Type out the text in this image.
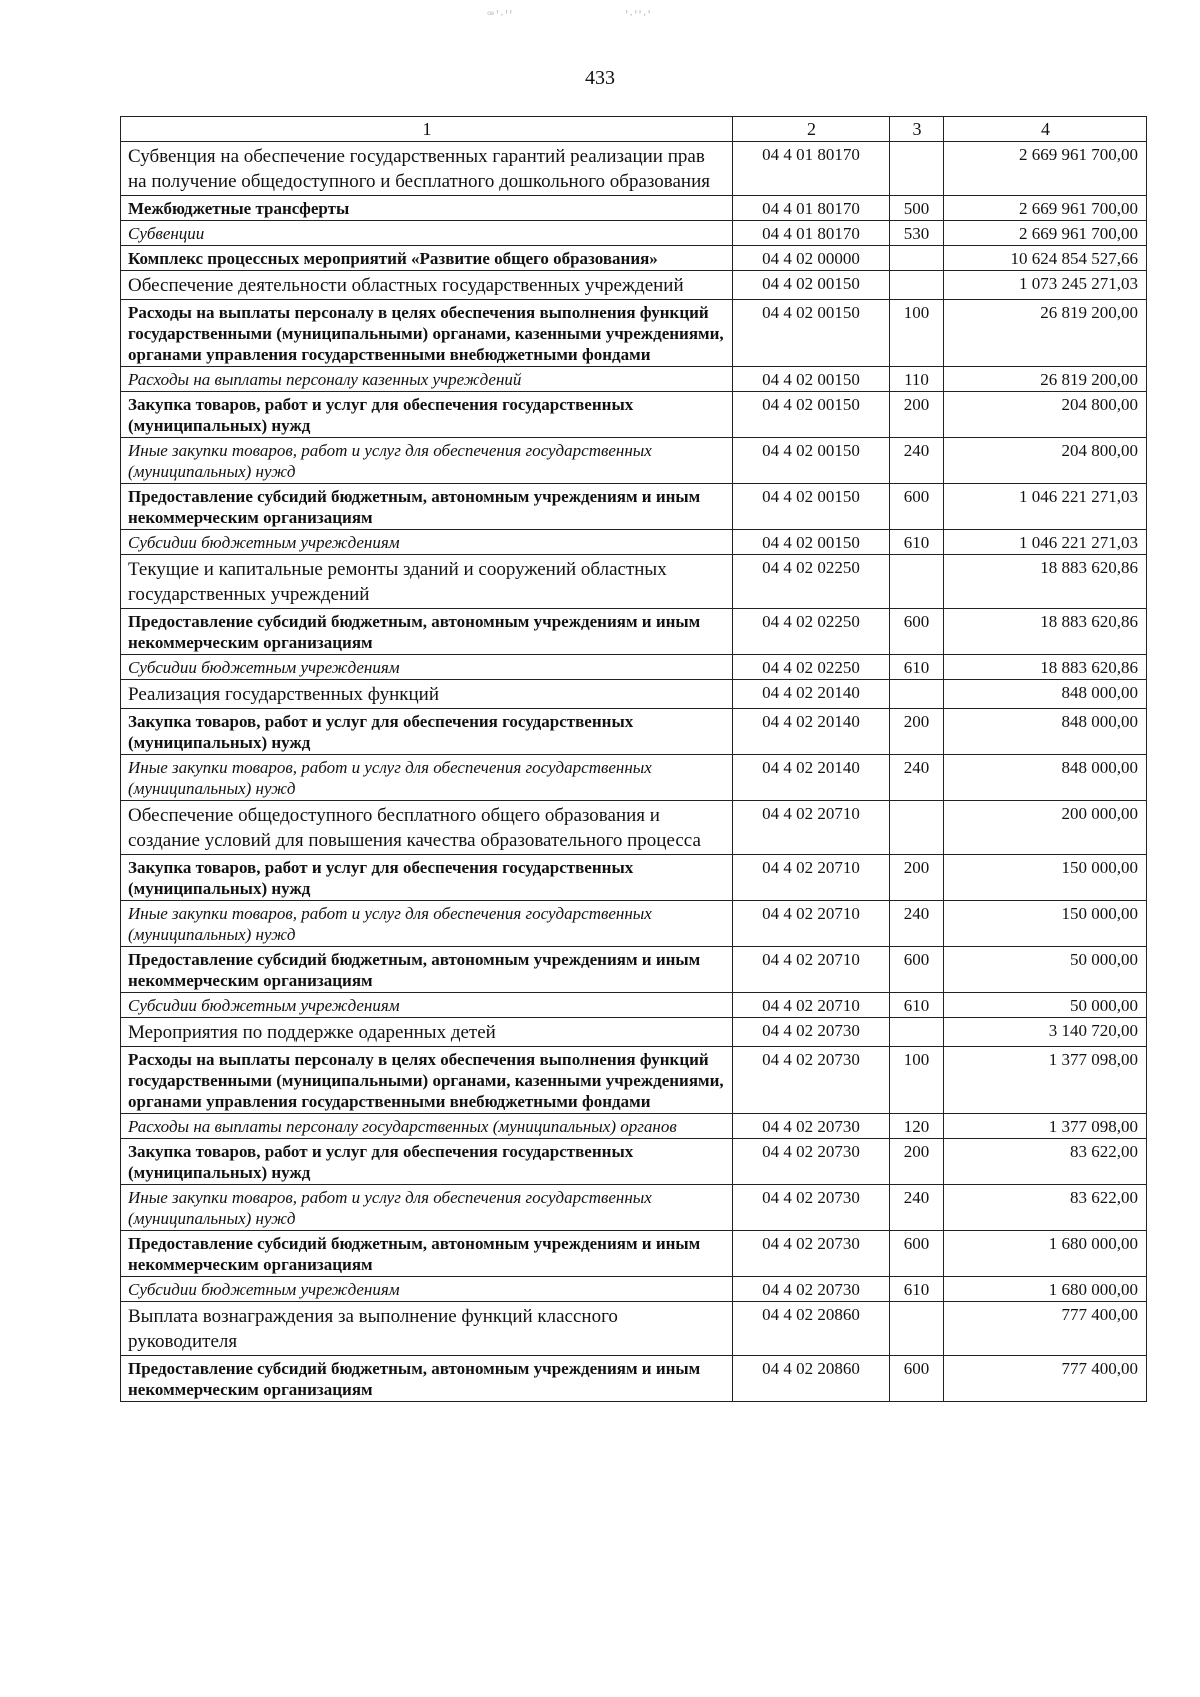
ꟹꞌ·ꞌꞌ	ꞌ·ꞌꞌ·ꞌ
433
1	2	3	4
Субвенция на обеспечение государственных гарантий реализации прав на получение общедоступного и бесплатного дошкольного образования	04 4 01 80170		2 669 961 700,00
Межбюджетные трансферты	04 4 01 80170	500	2 669 961 700,00
Субвенции	04 4 01 80170	530	2 669 961 700,00
Комплекс процессных мероприятий «Развитие общего образования»	04 4 02 00000		10 624 854 527,66
Обеспечение деятельности областных государственных учреждений	04 4 02 00150		1 073 245 271,03
Расходы на выплаты персоналу в целях обеспечения выполнения функций государственными (муниципальными) органами, казенными учреждениями, органами управления государственными внебюджетными фондами	04 4 02 00150	100	26 819 200,00
Расходы на выплаты персоналу казенных учреждений	04 4 02 00150	110	26 819 200,00
Закупка товаров, работ и услуг для обеспечения государственных (муниципальных) нужд	04 4 02 00150	200	204 800,00
Иные закупки товаров, работ и услуг для обеспечения государственных (муниципальных) нужд	04 4 02 00150	240	204 800,00
Предоставление субсидий бюджетным, автономным учреждениям и иным некоммерческим организациям	04 4 02 00150	600	1 046 221 271,03
Субсидии бюджетным учреждениям	04 4 02 00150	610	1 046 221 271,03
Текущие и капитальные ремонты зданий и сооружений областных государственных учреждений	04 4 02 02250		18 883 620,86
Предоставление субсидий бюджетным, автономным учреждениям и иным некоммерческим организациям	04 4 02 02250	600	18 883 620,86
Субсидии бюджетным учреждениям	04 4 02 02250	610	18 883 620,86
Реализация государственных функций	04 4 02 20140		848 000,00
Закупка товаров, работ и услуг для обеспечения государственных (муниципальных) нужд	04 4 02 20140	200	848 000,00
Иные закупки товаров, работ и услуг для обеспечения государственных (муниципальных) нужд	04 4 02 20140	240	848 000,00
Обеспечение общедоступного бесплатного общего образования и создание условий для повышения качества образовательного процесса	04 4 02 20710		200 000,00
Закупка товаров, работ и услуг для обеспечения государственных (муниципальных) нужд	04 4 02 20710	200	150 000,00
Иные закупки товаров, работ и услуг для обеспечения государственных (муниципальных) нужд	04 4 02 20710	240	150 000,00
Предоставление субсидий бюджетным, автономным учреждениям и иным некоммерческим организациям	04 4 02 20710	600	50 000,00
Субсидии бюджетным учреждениям	04 4 02 20710	610	50 000,00
Мероприятия по поддержке одаренных детей	04 4 02 20730		3 140 720,00
Расходы на выплаты персоналу в целях обеспечения выполнения функций государственными (муниципальными) органами, казенными учреждениями, органами управления государственными внебюджетными фондами	04 4 02 20730	100	1 377 098,00
Расходы на выплаты персоналу государственных (муниципальных) органов	04 4 02 20730	120	1 377 098,00
Закупка товаров, работ и услуг для обеспечения государственных (муниципальных) нужд	04 4 02 20730	200	83 622,00
Иные закупки товаров, работ и услуг для обеспечения государственных (муниципальных) нужд	04 4 02 20730	240	83 622,00
Предоставление субсидий бюджетным, автономным учреждениям и иным некоммерческим организациям	04 4 02 20730	600	1 680 000,00
Субсидии бюджетным учреждениям	04 4 02 20730	610	1 680 000,00
Выплата вознаграждения за выполнение функций классного руководителя	04 4 02 20860		777 400,00
Предоставление субсидий бюджетным, автономным учреждениям и иным некоммерческим организациям	04 4 02 20860	600	777 400,00
